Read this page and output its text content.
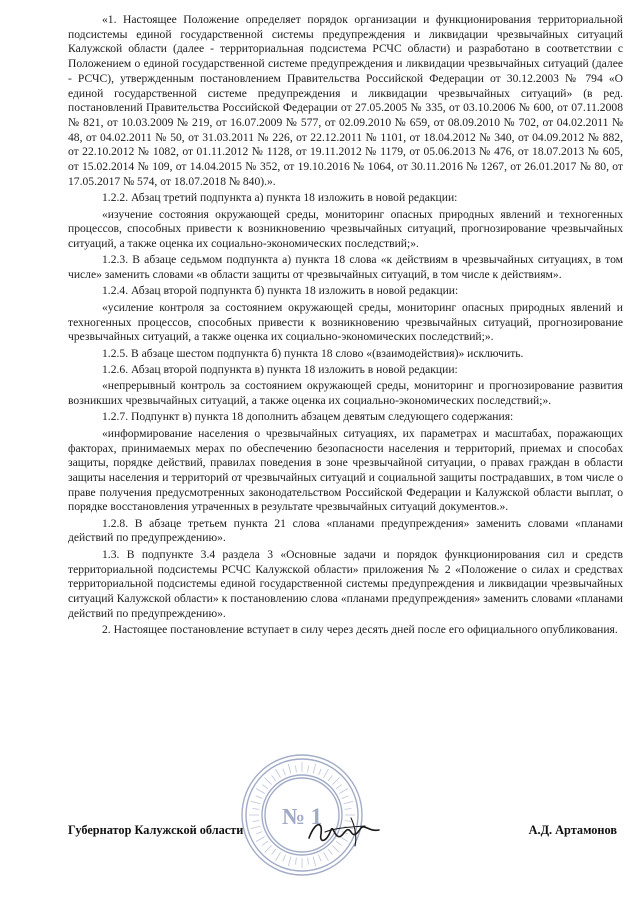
«1. Настоящее Положение определяет порядок организации и функционирования территориальной подсистемы единой государственной системы предупреждения и ликвидации чрезвычайных ситуаций Калужской области (далее - территориальная подсистема РСЧС области) и разработано в соответствии с Положением о единой государственной системе предупреждения и ликвидации чрезвычайных ситуаций (далее - РСЧС), утвержденным постановлением Правительства Российской Федерации от 30.12.2003 № 794 «О единой государственной системе предупреждения и ликвидации чрезвычайных ситуаций» (в ред. постановлений Правительства Российской Федерации от 27.05.2005 № 335, от 03.10.2006 № 600, от 07.11.2008 № 821, от 10.03.2009 № 219, от 16.07.2009 № 577, от 02.09.2010 № 659, от 08.09.2010 № 702, от 04.02.2011 № 48, от 04.02.2011 № 50, от 31.03.2011 № 226, от 22.12.2011 № 1101, от 18.04.2012 № 340, от 04.09.2012 № 882, от 22.10.2012 № 1082, от 01.11.2012 № 1128, от 19.11.2012 № 1179, от 05.06.2013 № 476, от 18.07.2013 № 605, от 15.02.2014 № 109, от 14.04.2015 № 352, от 19.10.2016 № 1064, от 30.11.2016 № 1267, от 26.01.2017 № 80, от 17.05.2017 № 574, от 18.07.2018 № 840).».

1.2.2. Абзац третий подпункта а) пункта 18 изложить в новой редакции:

«изучение состояния окружающей среды, мониторинг опасных природных явлений и техногенных процессов, способных привести к возникновению чрезвычайных ситуаций, прогнозирование чрезвычайных ситуаций, а также оценка их социально-экономических последствий;».

1.2.3. В абзаце седьмом подпункта а) пункта 18 слова «к действиям в чрезвычайных ситуациях, в том числе» заменить словами «в области защиты от чрезвычайных ситуаций, в том числе к действиям».

1.2.4. Абзац второй подпункта б) пункта 18 изложить в новой редакции:

«усиление контроля за состоянием окружающей среды, мониторинг опасных природных явлений и техногенных процессов, способных привести к возникновению чрезвычайных ситуаций, прогнозирование чрезвычайных ситуаций, а также оценка их социально-экономических последствий;».

1.2.5. В абзаце шестом подпункта б) пункта 18 слово «(взаимодействия)» исключить.

1.2.6. Абзац второй подпункта в) пункта 18 изложить в новой редакции:

«непрерывный контроль за состоянием окружающей среды, мониторинг и прогнозирование развития возникших чрезвычайных ситуаций, а также оценка их социально-экономических последствий;».

1.2.7. Подпункт в) пункта 18 дополнить абзацем девятым следующего содержания:

«информирование населения о чрезвычайных ситуациях, их параметрах и масштабах, поражающих факторах, принимаемых мерах по обеспечению безопасности населения и территорий, приемах и способах защиты, порядке действий, правилах поведения в зоне чрезвычайной ситуации, о правах граждан в области защиты населения и территорий от чрезвычайных ситуаций и социальной защиты пострадавших, в том числе о праве получения предусмотренных законодательством Российской Федерации и Калужской области выплат, о порядке восстановления утраченных в результате чрезвычайных ситуаций документов.».

1.2.8. В абзаце третьем пункта 21 слова «планами предупреждения» заменить словами «планами действий по предупреждению».

1.3. В подпункте 3.4 раздела 3 «Основные задачи и порядок функционирования сил и средств территориальной подсистемы РСЧС Калужской области» приложения № 2 «Положение о силах и средствах территориальной подсистемы единой государственной системы предупреждения и ликвидации чрезвычайных ситуаций Калужской области» к постановлению слова «планами предупреждения» заменить словами «планами действий по предупреждению».

2. Настоящее постановление вступает в силу через десять дней после его официального опубликования.

Губернатор Калужской области	А.Д. Артамонов
№ 1
